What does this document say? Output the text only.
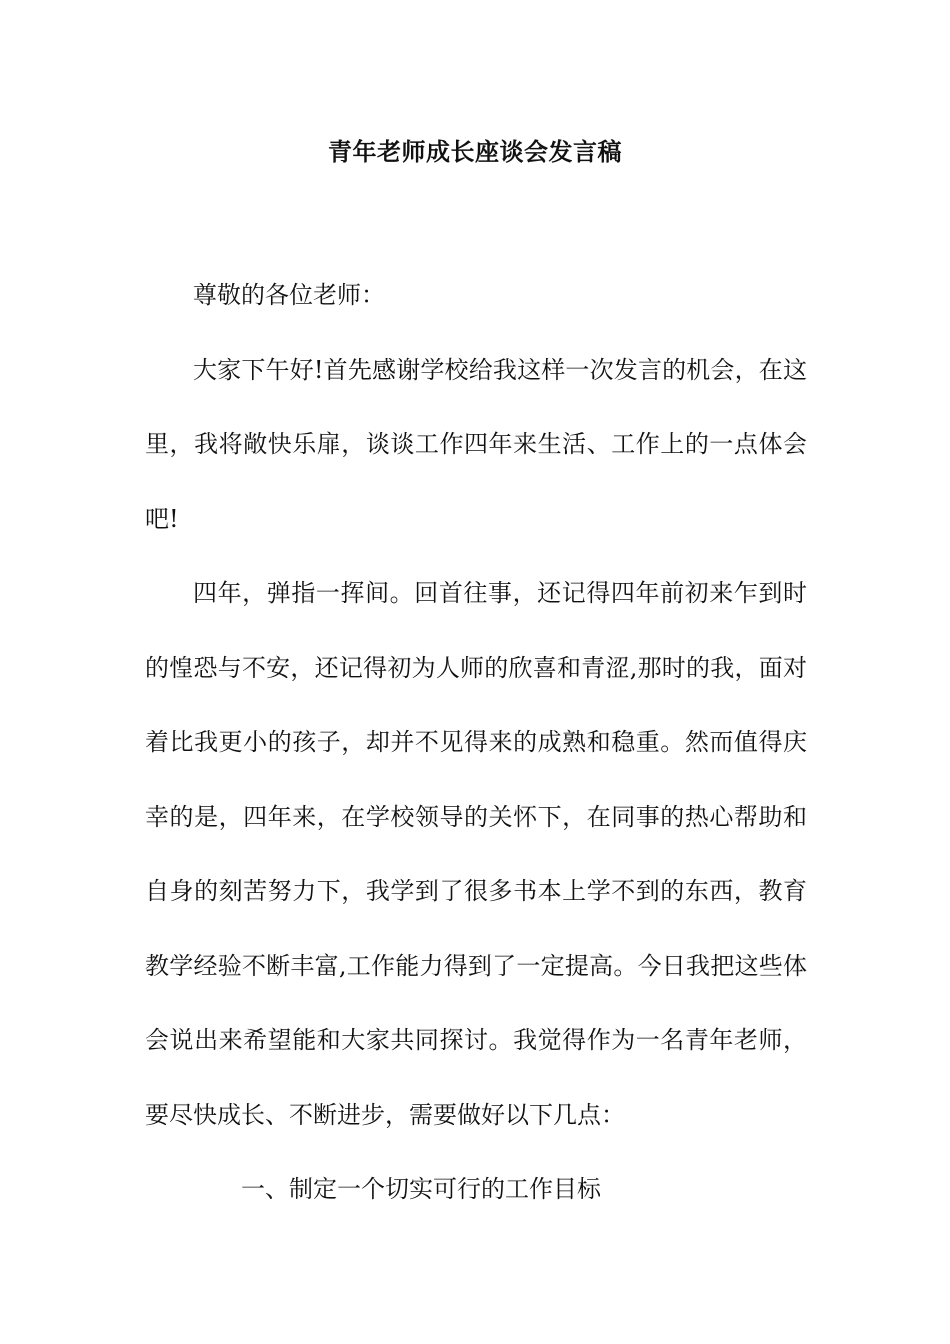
青年老师成长座谈会发言稿

尊敬的各位老师：

大家下午好!首先感谢学校给我这样一次发言的机会，在这里，我将敞快乐扉，谈谈工作四年来生活、工作上的一点体会吧!

四年，弹指一挥间。回首往事，还记得四年前初来乍到时的惶恐与不安，还记得初为人师的欣喜和青涩,那时的我，面对着比我更小的孩子，却并不见得来的成熟和稳重。然而值得庆幸的是，四年来，在学校领导的关怀下，在同事的热心帮助和自身的刻苦努力下，我学到了很多书本上学不到的东西，教育教学经验不断丰富,工作能力得到了一定提高。今日我把这些体会说出来希望能和大家共同探讨。我觉得作为一名青年老师，要尽快成长、不断进步，需要做好以下几点：

一、制定一个切实可行的工作目标
